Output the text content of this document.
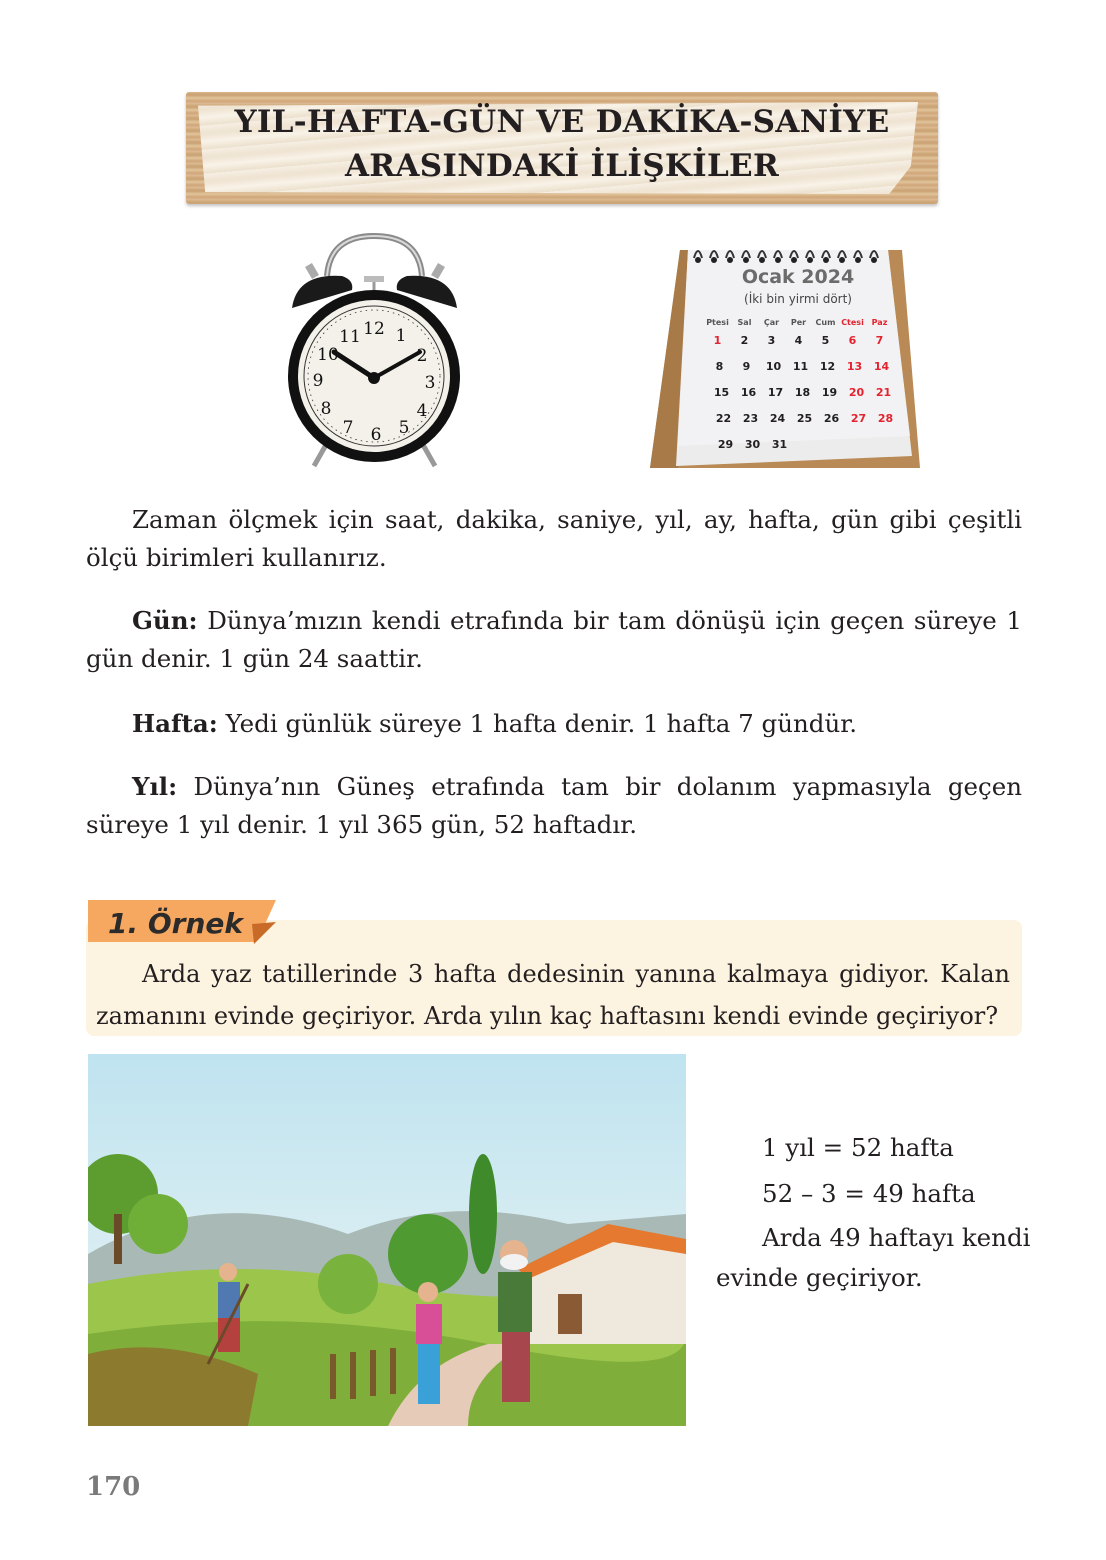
YIL-HAFTA-GÜN VE DAKİKA-SANİYE
ARASINDAKİ İLİŞKİLER
12 1
2
3
4
5
6
7
8
9
10
11
Ocak 2024
(İki bin yirmi dört)
Ptesi	Sal	Çar	Per	Cum Ctesi Paz
1	2	3	4	5	6	7
8	9	10	11	12	13	14
15	16	17	18	19	20	21
22	23	24	25	26	27	28
29	30	31
Zaman ölçmek için saat, dakika, saniye, yıl, ay, hafta, gün gibi çeşitli ölçü birimleri kullanırız.
Gün: Dünya’mızın kendi etrafında bir tam dönüşü için geçen süreye 1 gün denir. 1 gün 24 saattir.
Hafta: Yedi günlük süreye 1 hafta denir. 1 hafta 7 gündür.
Yıl: Dünya’nın Güneş etrafında tam bir dolanım yapmasıyla geçen süreye 1 yıl denir. 1 yıl 365 gün, 52 haftadır.
1. Örnek
Arda yaz tatillerinde 3 hafta dedesinin yanına kalmaya gidiyor. Kalan
zamanını evinde geçiriyor. Arda yılın kaç haftasını kendi evinde geçiriyor?
1 yıl = 52 hafta
52 – 3 = 49 hafta
Arda 49 haftayı kendi
evinde geçiriyor.
170
